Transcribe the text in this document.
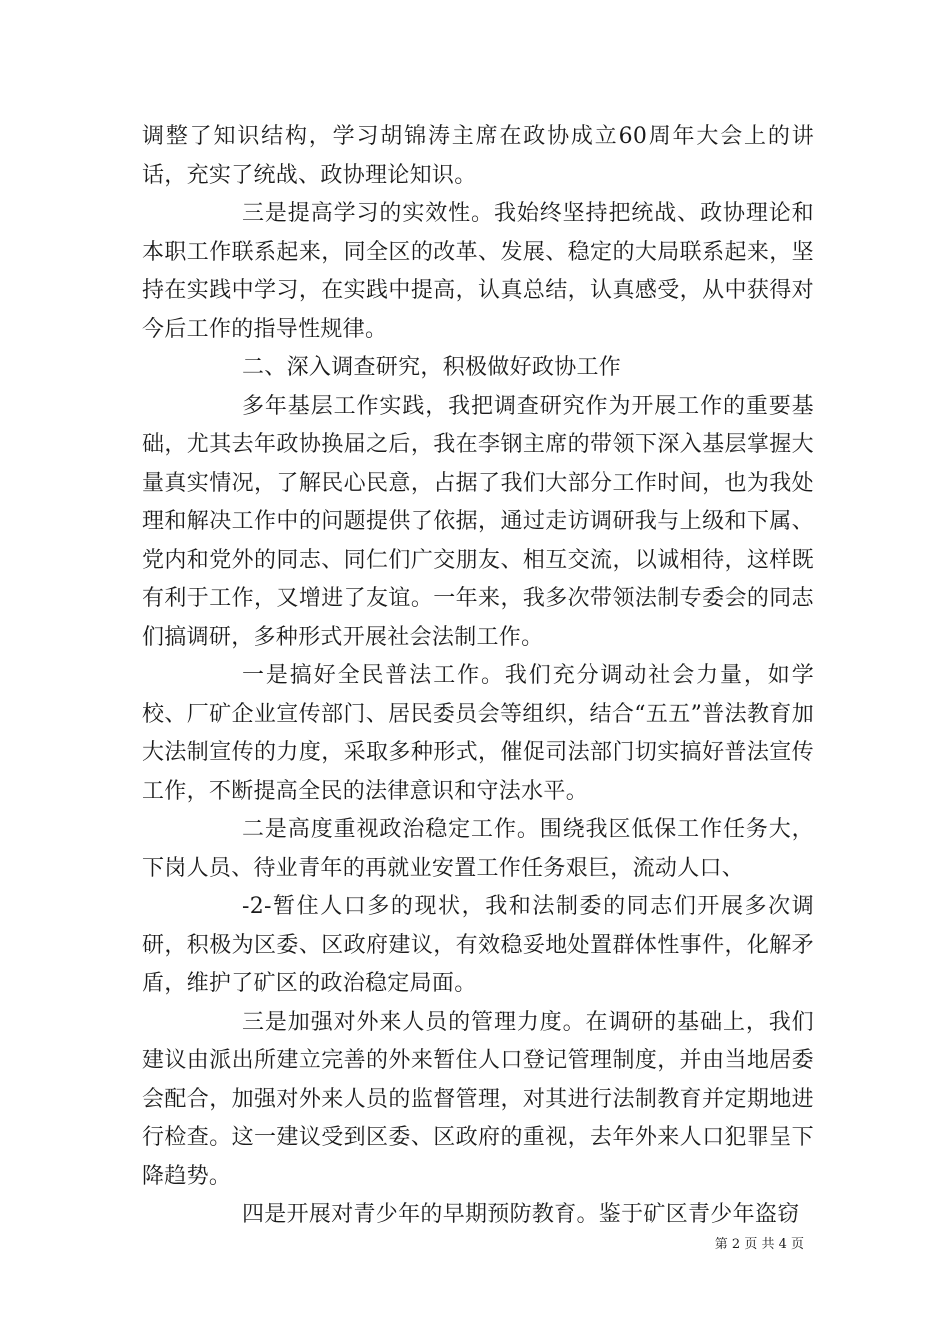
调整了知识结构，学习胡锦涛主席在政协成立60周年大会上的讲话，充实了统战、政协理论知识。

三是提高学习的实效性。我始终坚持把统战、政协理论和本职工作联系起来，同全区的改革、发展、稳定的大局联系起来，坚持在实践中学习，在实践中提高，认真总结，认真感受，从中获得对今后工作的指导性规律。

二、深入调查研究，积极做好政协工作

多年基层工作实践，我把调查研究作为开展工作的重要基础，尤其去年政协换届之后，我在李钢主席的带领下深入基层掌握大量真实情况，了解民心民意，占据了我们大部分工作时间，也为我处理和解决工作中的问题提供了依据，通过走访调研我与上级和下属、党内和党外的同志、同仁们广交朋友、相互交流，以诚相待，这样既有利于工作，又增进了友谊。一年来，我多次带领法制专委会的同志们搞调研，多种形式开展社会法制工作。

一是搞好全民普法工作。我们充分调动社会力量，如学校、厂矿企业宣传部门、居民委员会等组织，结合“五五”普法教育加大法制宣传的力度，采取多种形式，催促司法部门切实搞好普法宣传工作，不断提高全民的法律意识和守法水平。

二是高度重视政治稳定工作。围绕我区低保工作任务大，下岗人员、待业青年的再就业安置工作任务艰巨，流动人口、

-2-暂住人口多的现状，我和法制委的同志们开展多次调研，积极为区委、区政府建议，有效稳妥地处置群体性事件，化解矛盾，维护了矿区的政治稳定局面。

三是加强对外来人员的管理力度。在调研的基础上，我们建议由派出所建立完善的外来暂住人口登记管理制度，并由当地居委会配合，加强对外来人员的监督管理，对其进行法制教育并定期地进行检查。这一建议受到区委、区政府的重视，去年外来人口犯罪呈下降趋势。

四是开展对青少年的早期预防教育。鉴于矿区青少年盗窃

第 2 页 共 4 页
